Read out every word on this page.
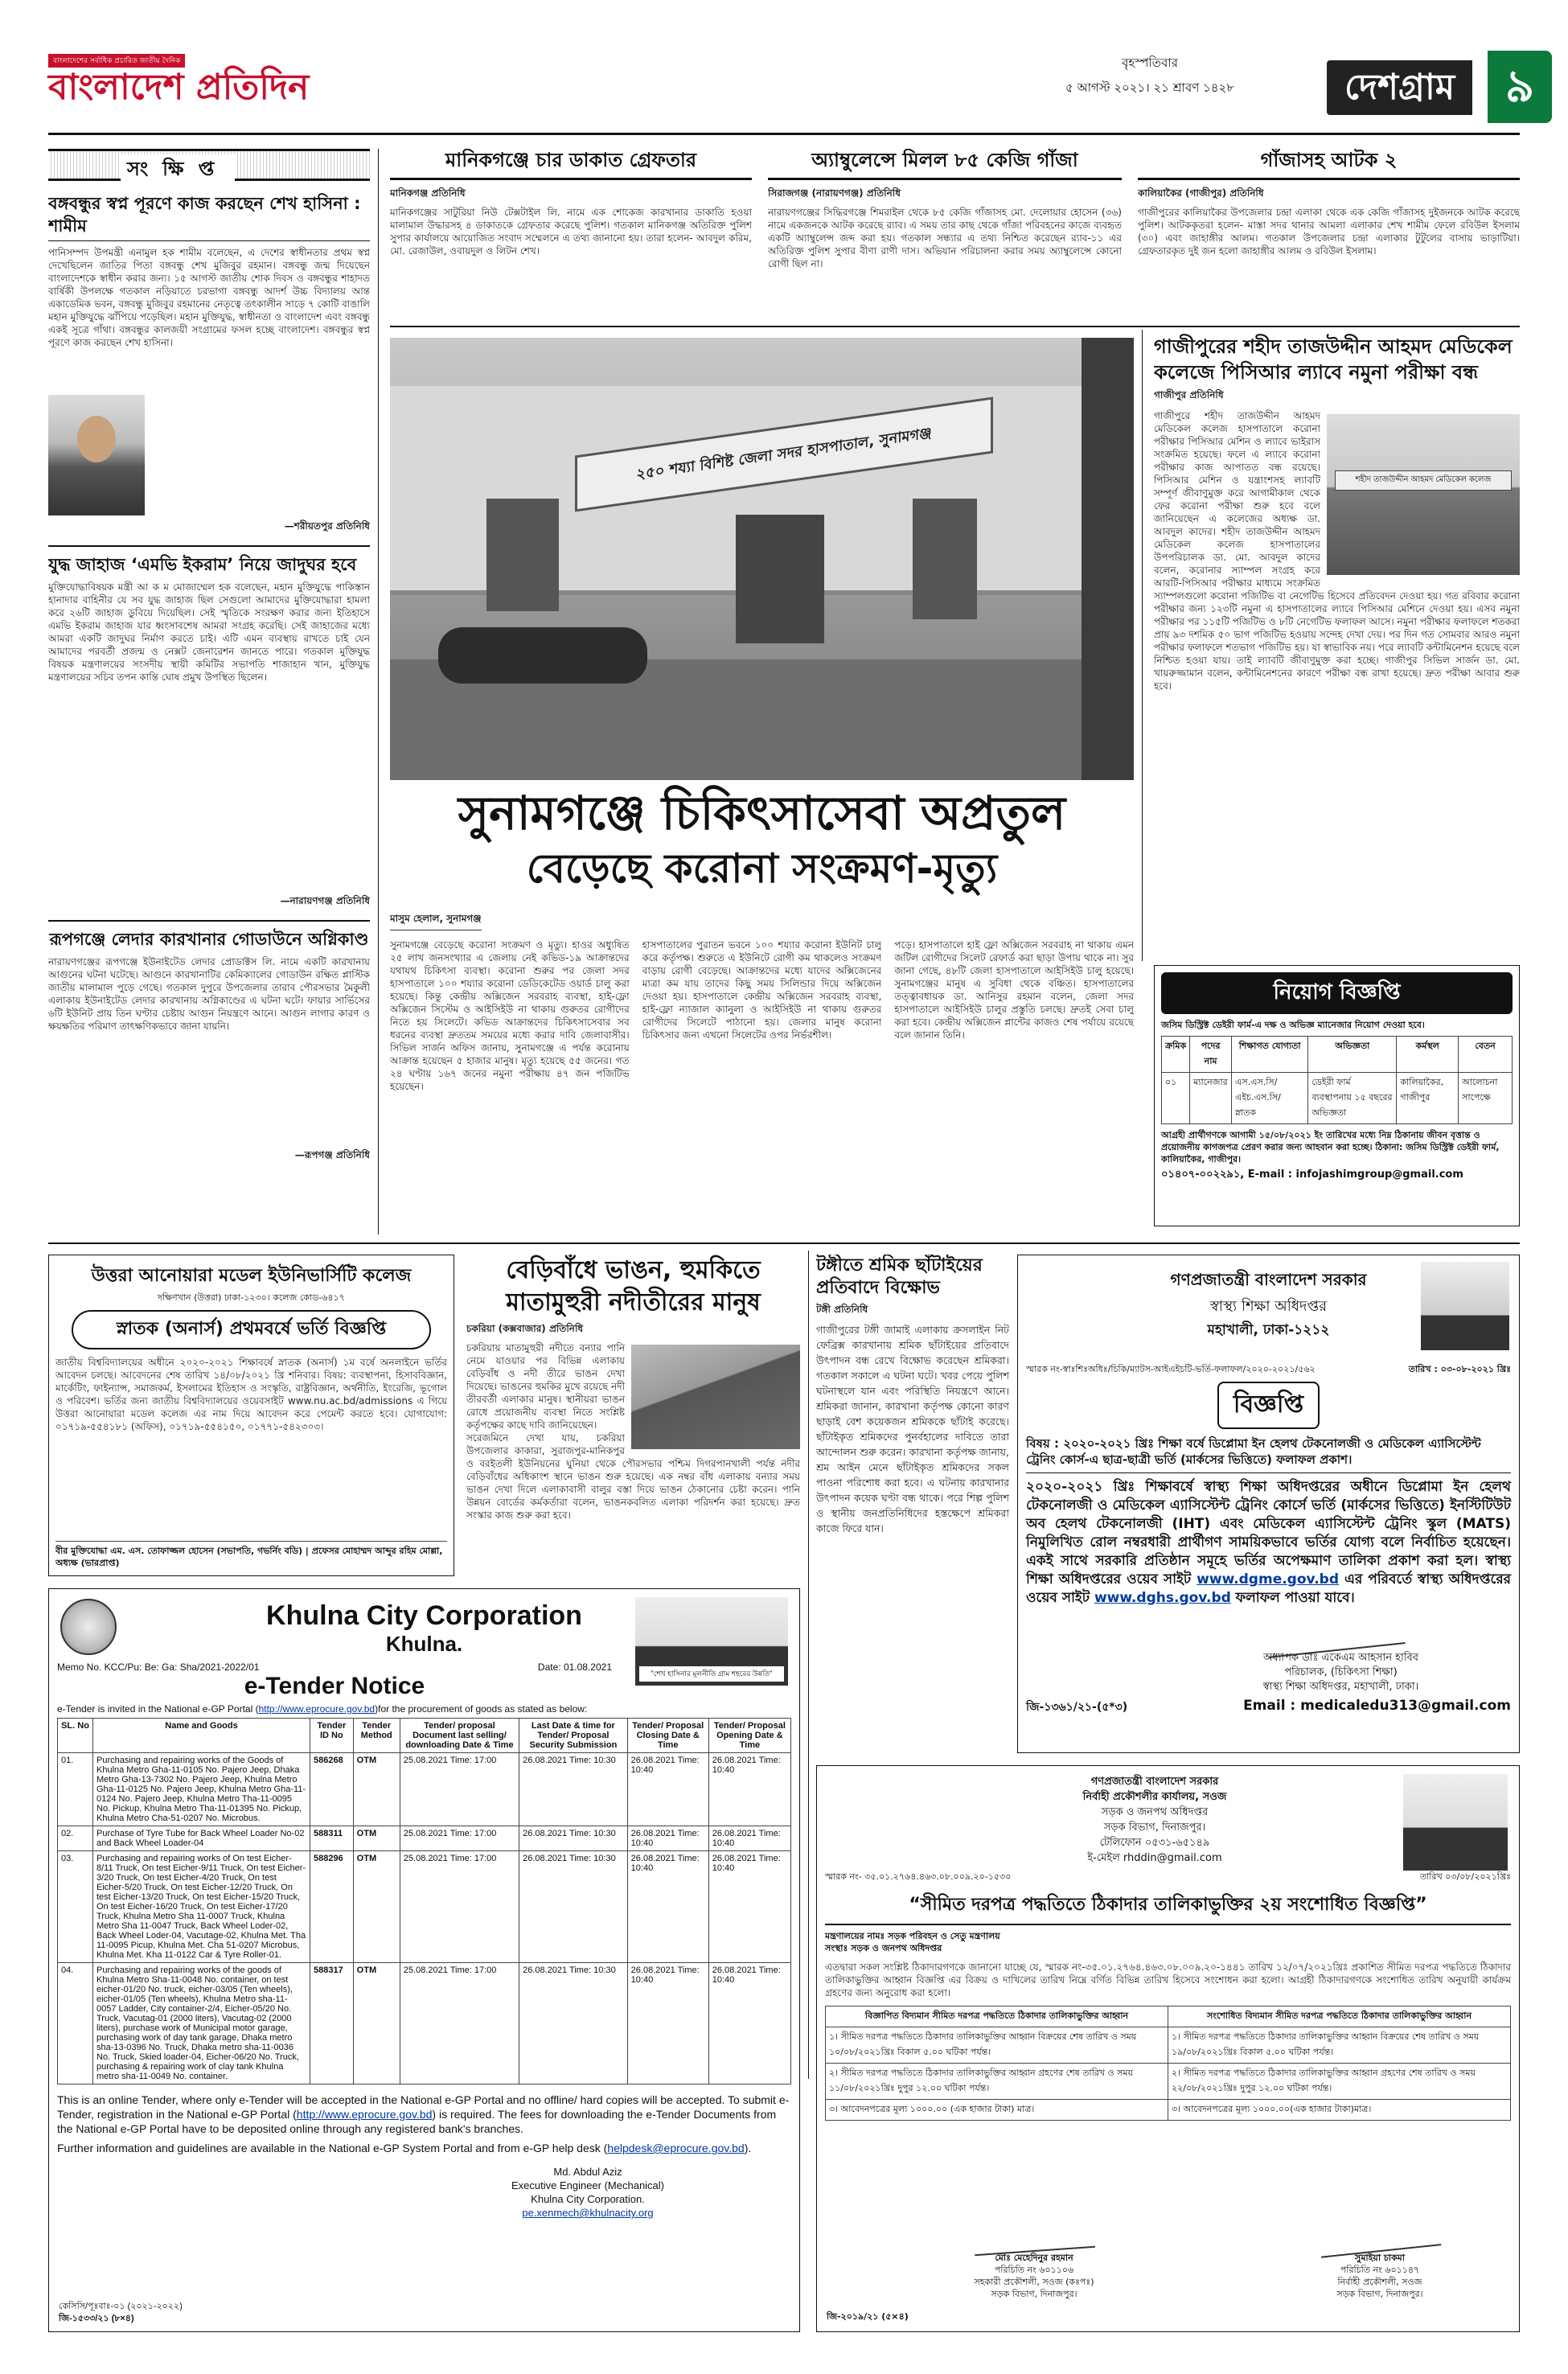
বাংলাদেশের সর্বাধিক প্রচারিত জাতীয় দৈনিক
বাংলাদেশ প্রতিদিন
বৃহস্পতিবার
৫ আগস্ট ২০২১। ২১ শ্রাবণ ১৪২৮	দেশগ্রাম	৯
সংক্ষিপ্ত
বঙ্গবন্ধুর স্বপ্ন পূরণে কাজ করছেন শেখ হাসিনা : শামীম
পানিসম্পদ উপমন্ত্রী এনামুল হক শামীম বলেছেন, এ দেশের স্বাধীনতার প্রথম স্বপ্ন দেখেছিলেন জাতির পিতা বঙ্গবন্ধু শেখ মুজিবুর রহমান। বঙ্গবন্ধু জন্ম দিয়েছেন বাংলাদেশকে স্বাধীন করার জন্য। ১৫ আগস্ট জাতীয় শোক দিবস ও বঙ্গবন্ধুর শাহাদত বার্ষিকী উপলক্ষে গতকাল নড়িয়াতে চরভাগা বঙ্গবন্ধু আদর্শ উচ্চ বিদ্যালয় আন্ত একাডেমিক ভবন, বঙ্গবন্ধু মুজিবুর রহমানের নেতৃত্বে তৎকালীন সাড়ে ৭ কোটি বাঙালি মহান মুক্তিযুদ্ধে ঝাঁপিয়ে পড়েছিল। মহান মুক্তিযুদ্ধ, স্বাধীনতা ও বাংলাদেশ এবং বঙ্গবন্ধু একই সূত্রে গাঁথা। বঙ্গবন্ধুর কালজয়ী সংগ্রামের ফসল হচ্ছে বাংলাদেশ। বঙ্গবন্ধুর স্বপ্ন পূরণে কাজ করছেন শেখ হাসিনা।
—শরীয়তপুর প্রতিনিধি
যুদ্ধ জাহাজ ‘এমভি ইকরাম’ নিয়ে জাদুঘর হবে
মুক্তিযোদ্ধাবিষয়ক মন্ত্রী আ ক ম মোজাম্মেল হক বলেছেন, মহান মুক্তিযুদ্ধে পাকিস্তান হানাদার বাহিনীর যে সব যুদ্ধ জাহাজ ছিল সেগুলো আমাদের মুক্তিযোদ্ধারা হামলা করে ২৬টি জাহাজ ডুবিয়ে দিয়েছিল। সেই স্মৃতিকে সংরক্ষণ করার জন্য ইতিহাসে এমভি ইকরাম জাহাজ যার ধ্বংসাবশেষ আমরা সংগ্রহ করেছি। সেই জাহাজের মধ্যে আমরা একটি জাদুঘর নির্মাণ করতে চাই। এটি এমন ব্যবস্থায় রাখতে চাই যেন আমাদের পরবর্তী প্রজন্ম ও নেক্সট জেনারেশন জানতে পারে। গতকাল মুক্তিযুদ্ধ বিষয়ক মন্ত্রণালয়ের সংসদীয় স্থায়ী কমিটির সভাপতি শাজাহান খান, মুক্তিযুদ্ধ মন্ত্রণালয়ের সচিব তপন কান্তি ঘোষ প্রমুখ উপস্থিত ছিলেন।
—নারায়ণগঞ্জ প্রতিনিধি
রূপগঞ্জে লেদার কারখানার গোডাউনে অগ্নিকাণ্ড
নারায়ণগঞ্জের রূপগঞ্জে ইউনাইটেড লেদার প্রোডাক্টস লি. নামে একটি কারখানায় আগুনের ঘটনা ঘটেছে। আগুনে কারখানাটির কেমিক্যালের গোডাউন রক্ষিত প্লাস্টিক জাতীয় মালামাল পুড়ে গেছে। গতকাল দুপুরে উপজেলার তারাব পৌরসভার মৈকুলী এলাকায় ইউনাইটেড লেদার কারখানায় অগ্নিকাণ্ডের এ ঘটনা ঘটে। ফায়ার সার্ভিসের ৬টি ইউনিট প্রায় তিন ঘণ্টার চেষ্টায় আগুন নিয়ন্ত্রণে আনে। আগুন লাগার কারণ ও ক্ষয়ক্ষতির পরিমাণ তাৎক্ষণিকভাবে জানা যায়নি।
—রূপগঞ্জ প্রতিনিধি
মানিকগঞ্জে চার ডাকাত গ্রেফতার
মানিকগঞ্জ প্রতিনিধি
মানিকগঞ্জের সাটুরিয়া নিউ টেক্সটাইল লি. নামে এক শোকেজ কারখানার ডাকাতি হওয়া মালামাল উদ্ধারসহ ৪ ডাকাতকে গ্রেফতার করেছে পুলিশ। গতকাল মানিকগঞ্জ অতিরিক্ত পুলিশ সুপার কার্যালয়ে আয়োজিত সংবাদ সম্মেলনে এ তথ্য জানানো হয়। তারা হলেন- আবদুল করিম, মো. রেজাউল, ওবায়দুল ও লিটন শেখ।
অ্যাম্বুলেন্সে মিলল ৮৫ কেজি গাঁজা
সিরাজগঞ্জ (নারায়ণগঞ্জ) প্রতিনিধি
নারায়ণগঞ্জের সিদ্ধিরগঞ্জে শিমরাইল থেকে ৮৫ কেজি গাঁজাসহ মো. দেলোয়ার হোসেন (৩৬) নামে একজনকে আটক করেছে র‍্যাব। এ সময় তার কাছ থেকে গাঁজা পরিবহনের কাজে ব্যবহৃত একটি অ্যাম্বুলেন্স জব্দ করা হয়। গতকাল সন্ধ্যার এ তথ্য নিশ্চিত করেছেন র‍্যাব-১১ এর অতিরিক্ত পুলিশ সুপার বীণা রাণী দাস। অভিযান পরিচালনা করার সময় অ্যাম্বুলেন্সে কোনো রোগী ছিল না।
গাঁজাসহ আটক ২
কালিয়াকৈর (গাজীপুর) প্রতিনিধি
গাজীপুরের কালিয়াকৈর উপজেলার চন্দ্রা এলাকা থেকে এক কেজি গাঁজাসহ দুইজনকে আটক করেছে পুলিশ। আটককৃতরা হলেন- মাস্তা সদর থানার আমলা এলাকার শেখ শামীম ফেলে রবিউল ইসলাম (৩০) এবং জাহাঙ্গীর আলম। গতকাল উপজেলার চন্দ্রা এলাকার টুটুলের বাসায় ভাড়াটিয়া। গ্রেফতারকৃত দুই জন হলো জাহাঙ্গীর আলম ও রবিউল ইসলাম।
২৫০ শয্যা বিশিষ্ট জেলা সদর হাসপাতাল, সুনামগঞ্জ
সুনামগঞ্জে চিকিৎসাসেবা অপ্রতুল
বেড়েছে করোনা সংক্রমণ-মৃত্যু
মাসুম হেলাল, সুনামগঞ্জ
সুনামগঞ্জে বেড়েছে করোনা সংক্রমণ ও মৃত্যু। হাওর অধ্যুষিত ২৫ লাখ জনসংখ্যার এ জেলায় নেই কভিড-১৯ আক্রান্তদের যথাযথ চিকিৎসা ব্যবস্থা। করোনা শুরুর পর জেলা সদর হাসপাতালে ১০০ শয্যার করোনা ডেডিকেটেড ওয়ার্ড চালু করা হয়েছে। কিন্তু কেন্দ্রীয় অক্সিজেন সরবরাহ ব্যবস্থা, হাই-ফ্লো অক্সিজেন সিস্টেম ও আইসিইউ না থাকায় গুরুতর রোগীদের নিতে হয় সিলেটে। কভিড আক্রান্তদের চিকিৎসাসেবার সব ধরনের ব্যবস্থা দ্রুততম সময়ের মধ্যে করার দাবি জেলাবাসীর। সিভিল সার্জন অফিস জানায়, সুনামগঞ্জে এ পর্যন্ত করোনায় আক্রান্ত হয়েছেন ৫ হাজার মানুষ। মৃত্যু হয়েছে ৫৫ জনের। গত ২৪ ঘণ্টায় ১৬৭ জনের নমুনা পরীক্ষায় ৪৭ জন পজিটিভ হয়েছেন।
হাসপাতালের পুরাতন ভবনে ১০০ শয্যার করোনা ইউনিট চালু করে কর্তৃপক্ষ। শুরুতে এ ইউনিটে রোগী কম থাকলেও সংক্রমণ বাড়ায় রোগী বেড়েছে। আক্রান্তদের মধ্যে যাদের অক্সিজেনের মাত্রা কম যায় তাদের কিছু সময় সিলিন্ডার দিয়ে অক্সিজেন দেওয়া হয়। হাসপাতালে কেন্দ্রীয় অক্সিজেন সরবরাহ ব্যবস্থা, হাই-ফ্লো ন্যাজাল ক্যানুলা ও আইসিইউ না থাকায় গুরুতর রোগীদের সিলেটে পাঠানো হয়। জেলার মানুষ করোনা চিকিৎসার জন্য এখনো সিলেটের ওপর নির্ভরশীল।
পড়ে। হাসপাতালে হাই ফ্লো অক্সিজেন সরবরাহ না থাকায় এমন জটিল রোগীদের সিলেট রেফার্ড করা ছাড়া উপায় থাকে না। সুর জানা গেছে, ৪৮টি জেলা হাসপাতালে আইসিইউ চালু হয়েছে। সুনামগঞ্জের মানুষ এ সুবিধা থেকে বঞ্চিত। হাসপাতালের তত্ত্বাবধায়ক ডা. আনিসুর রহমান বলেন, জেলা সদর হাসপাতালে আইসিইউ চালুর প্রস্তুতি চলছে। দ্রুতই সেবা চালু করা হবে। কেন্দ্রীয় অক্সিজেন প্লান্টের কাজও শেষ পর্যায়ে রয়েছে বলে জানান তিনি।
গাজীপুরের শহীদ তাজউদ্দীন আহমদ মেডিকেল কলেজে পিসিআর ল্যাবে নমুনা পরীক্ষা বন্ধ
গাজীপুর প্রতিনিধি
শহীদ তাজউদ্দীন আহমদ মেডিকেল কলেজ
গাজীপুরে শহীদ তাজউদ্দীন আহমদ মেডিকেল কলেজ হাসপাতালে করোনা পরীক্ষার পিসিআর মেশিন ও ল্যাবে ভাইরাস সংক্রমিত হয়েছে। ফলে এ ল্যাবে করোনা পরীক্ষার কাজ আপাতত বন্ধ রয়েছে। পিসিআর মেশিন ও যন্ত্রাংশসহ ল্যাবটি সম্পূর্ণ জীবাণুমুক্ত করে আগামীকাল থেকে ফের করোনা পরীক্ষা শুরু হবে বলে জানিয়েছেন এ কলেজের অধ্যক্ষ ডা. আবদুল কাদের। শহীদ তাজউদ্দীন আহমদ মেডিকেল কলেজ হাসপাতালের উপপরিচালক ডা. মো. আবদুল কাদের বলেন, করোনার স্যাম্পল সংগ্রহ করে আরটি-পিসিআর পরীক্ষার মাধ্যমে সংক্রমিত স্যাম্পলগুলো করোনা পজিটিভ বা নেগেটিভ হিসেবে প্রতিবেদন দেওয়া হয়। গত রবিবার করোনা পরীক্ষার জন্য ১২৩টি নমুনা এ হাসপাতালের ল্যাবে পিসিআর মেশিনে দেওয়া হয়। এসব নমুনা পরীক্ষার পর ১১৫টি পজিটিভ ও ৮টি নেগেটিভ ফলাফল আসে। নমুনা পরীক্ষার ফলাফলে শতকরা প্রায় ৯৩ দশমিক ৫০ ভাগ পজিটিভ হওয়ায় সন্দেহ দেখা দেয়। পর দিন গত সোমবার আরও নমুনা পরীক্ষার ফলাফলে শতভাগ পজিটিভ হয়। যা স্বাভাবিক নয়। পরে ল্যাবটি কন্টামিনেশন হয়েছে বলে নিশ্চিত হওয়া যায়। তাই ল্যাবটি জীবাণুমুক্ত করা হচ্ছে। গাজীপুর সিভিল সার্জন ডা. মো. খায়রুজ্জামান বলেন, কন্টামিনেশনের কারণে পরীক্ষা বন্ধ রাখা হয়েছে। দ্রুত পরীক্ষা আবার শুরু হবে।
নিয়োগ বিজ্ঞপ্তি
জসিম ডিস্ট্রিক্ট ডেইরী ফার্ম-এ দক্ষ ও অভিজ্ঞ ম্যানেজার নিয়োগ দেওয়া হবে।
ক্রমিক	পদের নাম	শিক্ষাগত যোগ্যতা	অভিজ্ঞতা	কর্মস্থল	বেতন
০১	ম্যানেজার	এস.এস.সি/ এইচ.এস.সি/ স্নাতক	ডেইরী ফার্ম ব্যবস্থাপনায় ১৫ বছরের অভিজ্ঞতা	কালিয়াকৈর, গাজীপুর	আলোচনা সাপেক্ষে
আগ্রহী প্রার্থীগণকে আগামী ১৫/০৮/২০২১ ইং তারিখের মধ্যে নিম্ন ঠিকানায় জীবন বৃত্তান্ত ও প্রয়োজনীয় কাগজপত্র প্রেরণ করার জন্য আহবান করা হচ্ছে। ঠিকানা: জসিম ডিস্ট্রিক্ট ডেইরী ফার্ম, কালিয়াকৈর, গাজীপুর।
০১৪০৭-০০২২৯১, E-mail : infojashimgroup@gmail.com
উত্তরা আনোয়ারা মডেল ইউনিভার্সিটি কলেজ
দক্ষিণখান (উত্তরা) ঢাকা-১২৩০। কলেজ কোড-৬৪১৭
স্নাতক (অনার্স) প্রথমবর্ষে ভর্তি বিজ্ঞপ্তি
জাতীয় বিশ্ববিদ্যালয়ের অধীনে ২০২০-২০২১ শিক্ষাবর্ষে স্নাতক (অনার্স) ১ম বর্ষে অনলাইনে ভর্তির আবেদন চলছে। আবেদনের শেষ তারিখ ১৪/০৮/২০২১ খ্রি শনিবার। বিষয়: ব্যবস্থাপনা, হিসাববিজ্ঞান, মার্কেটিং, ফাইন্যান্স, সমাজকর্ম, ইসলামের ইতিহাস ও সংস্কৃতি, রাষ্ট্রবিজ্ঞান, অর্থনীতি, ইংরেজি, ভূগোল ও পরিবেশ। ভর্তির জন্য জাতীয় বিশ্ববিদ্যালয়ের ওয়েবসাইট www.nu.ac.bd/admissions এ গিয়ে উত্তরা আনোয়ারা মডেল কলেজ এর নাম দিয়ে আবেদন করে পেমেন্ট করতে হবে। যোগাযোগ: ০১৭১৯-৫৫৪১৮১ (অফিস), ০১৭১৯-৫৫৪১৫০, ০১৭৭১-৫৪২৩০৩।
বীর মুক্তিযোদ্ধা এম. এস. তোফাজ্জল হোসেন (সভাপতি, গভর্নিং বডি) | প্রফেসর মোহাম্মদ আব্দুর রহিম মোল্লা, অধ্যক্ষ (ভারপ্রাপ্ত)
বেড়িবাঁধে ভাঙন, হুমকিতে
মাতামুহুরী নদীতীরের মানুষ
চকরিয়া (কক্সবাজার) প্রতিনিধি
চকরিয়ায় মাতামুহুরী নদীতে বন্যার পানি নেমে যাওয়ার পর বিভিন্ন এলাকায় বেড়িবাঁধ ও নদী তীরে ভাঙন দেখা দিয়েছে। ভাঙনের হুমকির মুখে রয়েছে নদী তীরবর্তী এলাকার মানুষ। স্থানীয়রা ভাঙন রোধে প্রয়োজনীয় ব্যবস্থা নিতে সংশ্লিষ্ট কর্তৃপক্ষের কাছে দাবি জানিয়েছেন।
সরেজমিনে দেখা যায়, চকরিয়া উপজেলার কাকারা, সুরাজপুর-মানিকপুর ও বরইতলী ইউনিয়নের ঘুনিয়া থেকে পৌরসভার পশ্চিম দিগরপানখালী পর্যন্ত নদীর বেড়িবাঁধের অধিকাংশ স্থানে ভাঙন শুরু হয়েছে। এক নম্বর বাঁধ এলাকায় বন্যার সময় ভাঙন দেখা দিলে এলাকাবাসী বালুর বস্তা দিয়ে ভাঙন ঠেকানোর চেষ্টা করেন। পানি উন্নয়ন বোর্ডের কর্মকর্তারা বলেন, ভাঙনকবলিত এলাকা পরিদর্শন করা হয়েছে। দ্রুত সংস্কার কাজ শুরু করা হবে।
টঙ্গীতে শ্রমিক ছাঁটাইয়ের প্রতিবাদে বিক্ষোভ
টঙ্গী প্রতিনিধি
গাজীপুরের টঙ্গী জামাই এলাকায় ক্রসলাইন নিট ফেব্রিক্স কারখানায় শ্রমিক ছাঁটাইয়ের প্রতিবাদে উৎপাদন বন্ধ রেখে বিক্ষোভ করেছেন শ্রমিকরা। গতকাল সকালে এ ঘটনা ঘটে। খবর পেয়ে পুলিশ ঘটনাস্থলে যান এবং পরিস্থিতি নিয়ন্ত্রণে আনে। শ্রমিকরা জানান, কারখানা কর্তৃপক্ষ কোনো কারণ ছাড়াই বেশ কয়েকজন শ্রমিককে ছাঁটাই করেছে। ছাঁটাইকৃত শ্রমিকদের পুনর্বহালের দাবিতে তারা আন্দোলন শুরু করেন। কারখানা কর্তৃপক্ষ জানায়, শ্রম আইন মেনে ছাঁটাইকৃত শ্রমিকদের সকল পাওনা পরিশোধ করা হবে। এ ঘটনায় কারখানার উৎপাদন কয়েক ঘণ্টা বন্ধ থাকে। পরে শিল্প পুলিশ ও স্থানীয় জনপ্রতিনিধিদের হস্তক্ষেপে শ্রমিকরা কাজে ফিরে যান।
গণপ্রজাতন্ত্রী বাংলাদেশ সরকার
স্বাস্থ্য শিক্ষা অধিদপ্তর
মহাখালী, ঢাকা-১২১২
স্মারক নং-স্বাঃশিঃঅধিঃ/চিকি/ম্যাটস-আইএইচটি-ভর্তি-ফলাফল/২০২০-২০২১/৫৬২	তারিখ : ০৩-০৮-২০২১ খ্রিঃ
বিজ্ঞপ্তি
বিষয় : ২০২০-২০২১ খ্রিঃ শিক্ষা বর্ষে ডিপ্লোমা ইন হেলথ টেকনোলজী ও মেডিকেল এ্যাসিস্টেন্ট ট্রেনিং কোর্স-এ ছাত্র-ছাত্রী ভর্তি (মার্কসের ভিত্তিতে) ফলাফল প্রকাশ।
২০২০-২০২১ খ্রিঃ শিক্ষাবর্ষে স্বাস্থ্য শিক্ষা অধিদপ্তরের অধীনে ডিপ্লোমা ইন হেলথ টেকনোলজী ও মেডিকেল এ্যাসিস্টেন্ট ট্রেনিং কোর্সে ভর্তি (মার্কসের ভিত্তিতে) ইনস্টিটিউট অব হেলথ টেকনোলজী (IHT) এবং মেডিকেল এ্যাসিস্টেন্ট ট্রেনিং স্কুল (MATS) নিমুলিখিত রোল নম্বরধারী প্রার্থীগণ সাময়িকভাবে ভর্তির যোগ্য বলে নির্বাচিত হয়েছেন। একই সাথে সরকারি প্রতিষ্ঠান সমূহে ভর্তির অপেক্ষমাণ তালিকা প্রকাশ করা হল। স্বাস্থ্য শিক্ষা অধিদপ্তরের ওয়েব সাইট www.dgme.gov.bd এর পরিবর্তে স্বাস্থ্য অধিদপ্তরের ওয়েব সাইট www.dghs.gov.bd ফলাফল পাওয়া যাবে।
অধ্যাপক ডাঃ একেএম আহসান হাবিব
পরিচালক, (চিকিৎসা শিক্ষা)
স্বাস্থ্য শিক্ষা অধিদপ্তর, মহাখালী, ঢাকা।
জি-১৩৬১/২১-(৫*৩)	Email : medicaledu313@gmail.com
"শেখ হাসিনার মূলনীতি গ্রাম শহরের উন্নতি"
Khulna City Corporation
Khulna.
Memo No. KCC/Pu: Be: Ga: Sha/2021-2022/01	Date: 01.08.2021
e-Tender Notice
e-Tender is invited in the National e-GP Portal (http://www.eprocure.gov.bd)for the procurement of goods as stated as below:
SL. No	Name and Goods	Tender ID No	Tender Method	Tender/ proposal Document last selling/ downloading Date & Time	Last Date & time for Tender/ Proposal Security Submission	Tender/ Proposal Closing Date & Time	Tender/ Proposal Opening Date & Time
01.	Purchasing and repairing works of the Goods of Khulna Metro Gha-11-0105 No. Pajero Jeep, Dhaka Metro Gha-13-7302 No. Pajero Jeep, Khulna Metro Gha-11-0125 No. Pajero Jeep, Khulna Metro Gha-11-0124 No. Pajero Jeep, Khulna Metro Tha-11-0095 No. Pickup, Khulna Metro Tha-11-01395 No. Pickup, Khulna Metro Cha-51-0207 No. Microbus.	586268	OTM	25.08.2021 Time: 17:00	26.08.2021 Time: 10:30	26.08.2021 Time: 10:40	26.08.2021 Time: 10:40
02.	Purchase of Tyre Tube for Back Wheel Loader No-02 and Back Wheel Loader-04	588311	OTM	25.08.2021 Time: 17:00	26.08.2021 Time: 10:30	26.08.2021 Time: 10:40	26.08.2021 Time: 10:40
03.	Purchasing and repairing works of On test Eicher-8/11 Truck, On test Eicher-9/11 Truck, On test Eicher-3/20 Truck, On test Eicher-4/20 Truck, On test Eicher-5/20 Truck, On test Eicher-12/20 Truck, On test Eicher-13/20 Truck, On test Eicher-15/20 Truck, On test Eicher-16/20 Truck, On test Eicher-17/20 Truck, Khulna Metro Sha 11-0007 Truck, Khulna Metro Sha 11-0047 Truck, Back Wheel Loder-02, Back Wheel Loder-04, Vacutage-02, Khulna Met. Tha 11-0095 Picup, Khulna Met. Cha 51-0207 Microbus, Khulna Met. Kha 11-0122 Car & Tyre Roller-01.	588296	OTM	25.08.2021 Time: 17:00	26.08.2021 Time: 10:30	26.08.2021 Time: 10:40	26.08.2021 Time: 10:40
04.	Purchasing and repairing works of the goods of Khulna Metro Sha-11-0048 No. container, on test eicher-01/20 No. truck, eicher-03/05 (Ten wheels), eicher-01/05 (Ten wheels), Khulna Metro sha-11-0057 Ladder, City container-2/4, Eicher-05/20 No. Truck, Vacutag-01 (2000 liters), Vacutag-02 (2000 liters), purchase work of Municipal motor garage, purchasing work of day tank garage, Dhaka metro sha-13-0396 No. Truck, Dhaka metro sha-11-0036 No. Truck, Skied loader-04, Eicher-06/20 No. Truck, purchasing & repairing work of clay tank Khulna metro sha-11-0049 No. container.	588317	OTM	25.08.2021 Time: 17:00	26.08.2021 Time: 10:30	26.08.2021 Time: 10:40	26.08.2021 Time: 10:40
This is an online Tender, where only e-Tender will be accepted in the National e-GP Portal and no offline/ hard copies will be accepted. To submit e-Tender, registration in the National e-GP Portal (http://www.eprocure.gov.bd) is required. The fees for downloading the e-Tender Documents from the National e-GP Portal have to be deposited online through any registered bank's branches.
Further information and guidelines are available in the National e-GP System Portal and from e-GP help desk (helpdesk@eprocure.gov.bd).
Md. Abdul Aziz
Executive Engineer (Mechanical)
Khulna City Corporation.
pe.xenmech@khulnacity.org
কেসিসি/পূঃবাঃ-০১ (২০২১-২০২২)
জি-১৫৩৩/২১ (৮×৪)
গণপ্রজাতন্ত্রী বাংলাদেশ সরকার
নির্বাহী প্রকৌশলীর কার্যালয়, সওজ
সড়ক ও জনপথ অধিদপ্তর
সড়ক বিভাগ, দিনাজপুর।
টেলিফোন ০৫৩১-৬৫১৪৯
ই-মেইল rhddin@gmail.com
স্মারক নং- ৩৫.০১.২৭৬৪.৪৬৩.০৮.০০৯.২০-১৫৩০	তারিখ ০৩/০৮/২০২১খ্রিঃ
“সীমিত দরপত্র পদ্ধতিতে ঠিকাদার তালিকাভুক্তির ২য় সংশোধিত বিজ্ঞপ্তি”
মন্ত্রণালয়ের নামঃ সড়ক পরিবহন ও সেতু মন্ত্রণালয়
সংস্থাঃ সড়ক ও জনপথ অধিদপ্তর
এতদ্বারা সকল সংশ্লিষ্ট ঠিকাদারগণকে জানানো যাচ্ছে যে, স্মারক নং-৩৫.০১.২৭৬৪.৪৬৩.০৮.০০৯.২০-১৪৪১ তারিখ ১২/০৭/২০২১খ্রিঃ প্রকাশিত সীমিত দরপত্র পদ্ধতিতে ঠিকাদার তালিকাভুক্তির আহ্বান বিজ্ঞপ্তি এর বিক্রয় ও দাখিলের তারিখ নিম্নে বর্ণিত বিভিন্ন তারিখ হিসেবে সংশোধন করা হলো। আগ্রহী ঠিকাদারগণকে সংশোধিত তারিখ অনুযায়ী কার্যক্রম গ্রহণের জন্য অনুরোধ করা হলো।
বিজ্ঞাপিত বিদ্যমান সীমিত দরপত্র পদ্ধতিতে ঠিকাদার তালিকাভুক্তির আহ্বান	সংশোধিত বিদ্যমান সীমিত দরপত্র পদ্ধতিতে ঠিকাদার তালিকাভুক্তির আহ্বান
১। সীমিত দরপত্র পদ্ধতিতে ঠিকাদার তালিকাভুক্তির আহ্বান বিক্রয়ের শেষ তারিখ ও সময় ১০/০৮/২০২১খ্রিঃ বিকাল ৫.০০ ঘটিকা পর্যন্ত।	১। সীমিত দরপত্র পদ্ধতিতে ঠিকাদার তালিকাভুক্তির আহ্বান বিক্রয়ের শেষ তারিখ ও সময় ১৯/০৮/২০২১খ্রিঃ বিকাল ৫.০০ ঘটিকা পর্যন্ত।
২। সীমিত দরপত্র পদ্ধতিতে ঠিকাদার তালিকাভুক্তির আহ্বান গ্রহণের শেষ তারিখ ও সময় ১১/০৮/২০২১খ্রিঃ দুপুর ১২.০০ ঘটিকা পর্যন্ত।	২। সীমিত দরপত্র পদ্ধতিতে ঠিকাদার তালিকাভুক্তির আহ্বান গ্রহণের শেষ তারিখ ও সময় ২২/০৮/২০২১খ্রিঃ দুপুর ১২.০০ ঘটিকা পর্যন্ত।
৩। আবেদনপত্রের মূল্য ১০০০.০০ (এক হাজার টাকা) মাত্র।	৩। আবেদনপত্রের মূল্য ১০০০.০০(এক হাজার টাকা)মাত্র।
মোঃ মেহেদিনুর রহমান
পরিচিতি নং ৬০১১০৬
সহকারী প্রকৌশলী, সওজ (কঃপঃ)
সড়ক বিভাগ, দিনাজপুর।
সুমাইয়া চাকমা
পরিচিতি নং ৬০১১৪৭
নির্বাহী প্রকৌশলী, সওজ
সড়ক বিভাগ, দিনাজপুর।
জি-২০১৯/২১ (৫×৪)
